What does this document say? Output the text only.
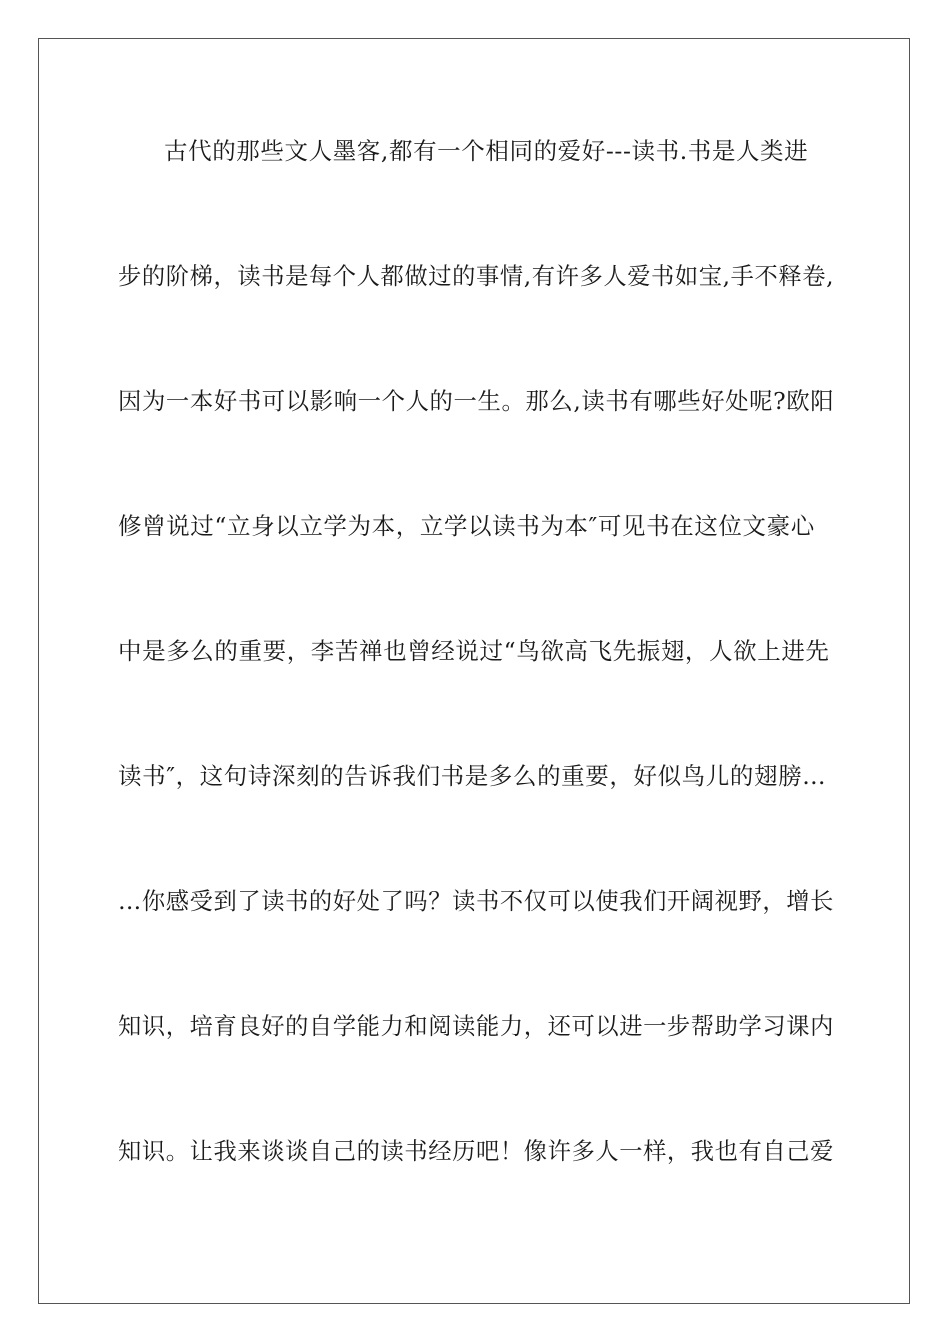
古代的那些文人墨客,都有一个相同的爱好---读书.书是人类进
步的阶梯，读书是每个人都做过的事情,有许多人爱书如宝,手不释卷,
因为一本好书可以影响一个人的一生。那么,读书有哪些好处呢?欧阳
修曾说过“立身以立学为本，立学以读书为本″可见书在这位文豪心
中是多么的重要，李苦禅也曾经说过“鸟欲高飞先振翅，人欲上进先
读书″，这句诗深刻的告诉我们书是多么的重要，好似鸟儿的翅膀…
…你感受到了读书的好处了吗？读书不仅可以使我们开阔视野，增长
知识，培育良好的自学能力和阅读能力，还可以进一步帮助学习课内
知识。让我来谈谈自己的读书经历吧！像许多人一样，我也有自己爱
